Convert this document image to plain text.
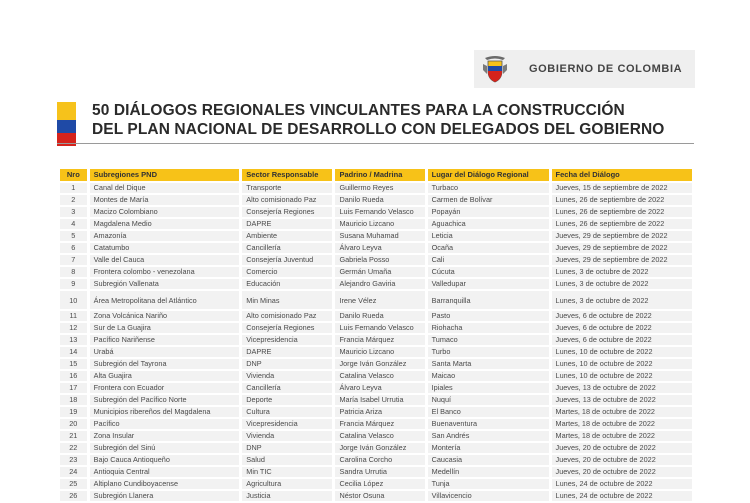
GOBIERNO DE COLOMBIA
50 DIÁLOGOS REGIONALES VINCULANTES PARA LA CONSTRUCCIÓN
DEL PLAN NACIONAL DE DESARROLLO CON DELEGADOS DEL GOBIERNO
Nro	Subregiones PND	Sector Responsable	Padrino / Madrina	Lugar del Diálogo Regional	Fecha del Diálogo
1	Canal del Dique	Transporte	Guillermo Reyes	Turbaco	Jueves, 15 de septiembre de 2022
2	Montes de María	Alto comisionado Paz	Danilo Rueda	Carmen de Bolívar	Lunes, 26 de septiembre de 2022
3	Macizo Colombiano	Consejería Regiones	Luis Fernando Velasco	Popayán	Lunes, 26 de septiembre de 2022
4	Magdalena Medio	DAPRE	Mauricio Lizcano	Aguachica	Lunes, 26 de septiembre de 2022
5	Amazonía	Ambiente	Susana Muhamad	Leticia	Jueves, 29 de septiembre de 2022
6	Catatumbo	Cancillería	Álvaro Leyva	Ocaña	Jueves, 29 de septiembre de 2022
7	Valle del Cauca	Consejería Juventud	Gabriela Posso	Cali	Jueves, 29 de septiembre de 2022
8	Frontera colombo - venezolana	Comercio	Germán Umaña	Cúcuta	Lunes, 3 de octubre de 2022
9	Subregión Vallenata	Educación	Alejandro Gaviria	Valledupar	Lunes, 3 de octubre de 2022
10	Área Metropolitana del Atlántico	Min Minas	Irene Vélez	Barranquilla	Lunes, 3 de octubre de 2022
11	Zona Volcánica Nariño	Alto comisionado Paz	Danilo Rueda	Pasto	Jueves, 6 de octubre de 2022
12	Sur de La Guajira	Consejería Regiones	Luis Fernando Velasco	Riohacha	Jueves, 6 de octubre de 2022
13	Pacífico Nariñense	Vicepresidencia	Francia Márquez	Tumaco	Jueves, 6 de octubre de 2022
14	Urabá	DAPRE	Mauricio Lizcano	Turbo	Lunes, 10 de octubre de 2022
15	Subregión del Tayrona	DNP	Jorge Iván González	Santa Marta	Lunes, 10 de octubre de 2022
16	Alta Guajira	Vivienda	Catalina Velasco	Maicao	Lunes, 10 de octubre de 2022
17	Frontera con Ecuador	Cancillería	Álvaro Leyva	Ipiales	Jueves, 13 de octubre de 2022
18	Subregión del Pacífico Norte	Deporte	María Isabel Urrutia	Nuquí	Jueves, 13 de octubre de 2022
19	Municipios ribereños del Magdalena	Cultura	Patricia Ariza	El Banco	Martes, 18 de octubre de 2022
20	Pacífico	Vicepresidencia	Francia Márquez	Buenaventura	Martes, 18 de octubre de 2022
21	Zona Insular	Vivienda	Catalina Velasco	San Andrés	Martes, 18 de octubre de 2022
22	Subregión del Sinú	DNP	Jorge Iván González	Montería	Jueves, 20 de octubre de 2022
23	Bajo Cauca Antioqueño	Salud	Carolina Corcho	Caucasia	Jueves, 20 de octubre de 2022
24	Antioquia Central	Min TIC	Sandra Urrutia	Medellín	Jueves, 20 de octubre de 2022
25	Altiplano Cundiboyacense	Agricultura	Cecilia López	Tunja	Lunes, 24 de octubre de 2022
26	Subregión Llanera	Justicia	Néstor Osuna	Villavicencio	Lunes, 24 de octubre de 2022
